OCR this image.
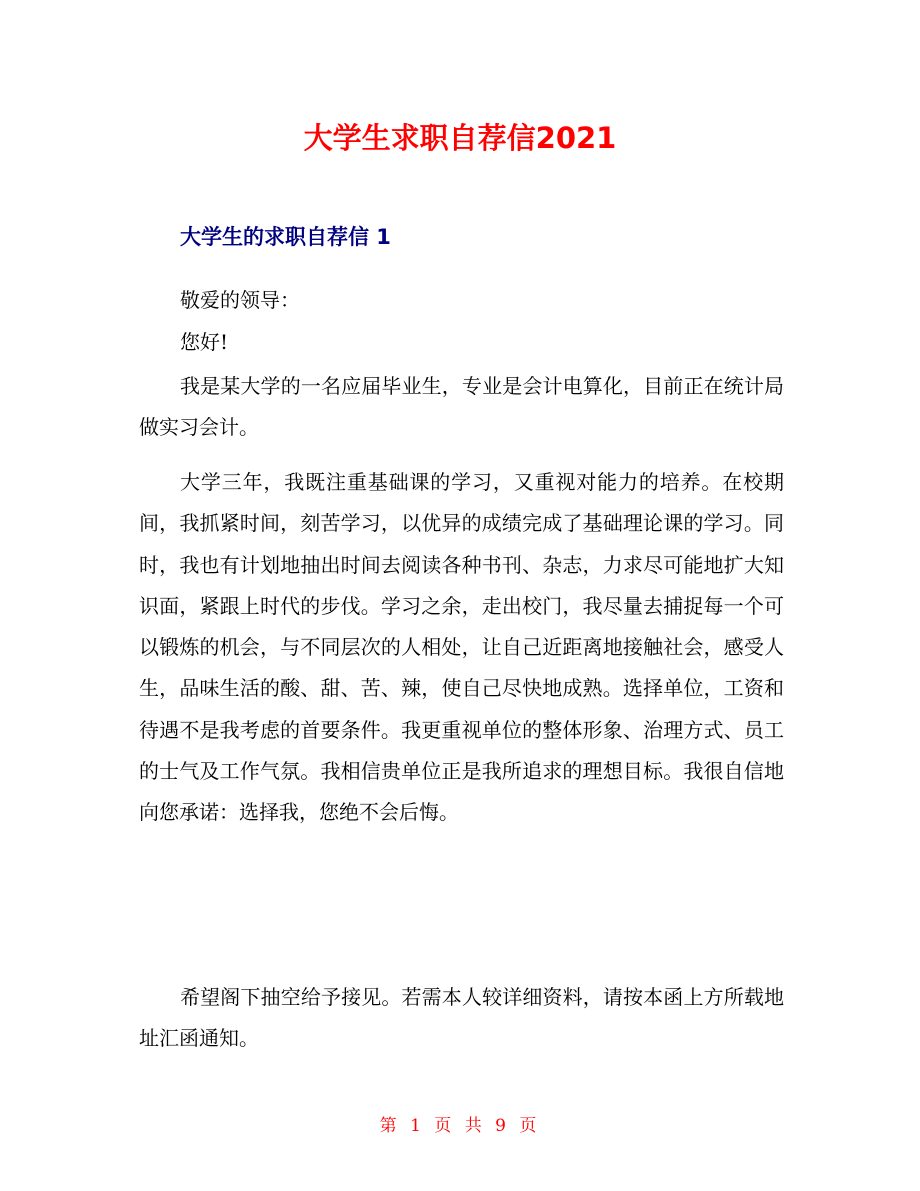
大学生求职自荐信2021
大学生的求职自荐信 1

敬爱的领导：

您好!

我是某大学的一名应届毕业生，专业是会计电算化，目前正在统计局做实习会计。

大学三年，我既注重基础课的学习，又重视对能力的培养。在校期间，我抓紧时间，刻苦学习，以优异的成绩完成了基础理论课的学习。同时，我也有计划地抽出时间去阅读各种书刊、杂志，力求尽可能地扩大知识面，紧跟上时代的步伐。学习之余，走出校门，我尽量去捕捉每一个可以锻炼的机会，与不同层次的人相处，让自己近距离地接触社会，感受人生，品味生活的酸、甜、苦、辣，使自己尽快地成熟。选择单位，工资和待遇不是我考虑的首要条件。我更重视单位的整体形象、治理方式、员工的士气及工作气氛。我相信贵单位正是我所追求的理想目标。我很自信地向您承诺：选择我，您绝不会后悔。

希望阁下抽空给予接见。若需本人较详细资料，请按本函上方所载地址汇函通知。

第 1 页 共 9 页
